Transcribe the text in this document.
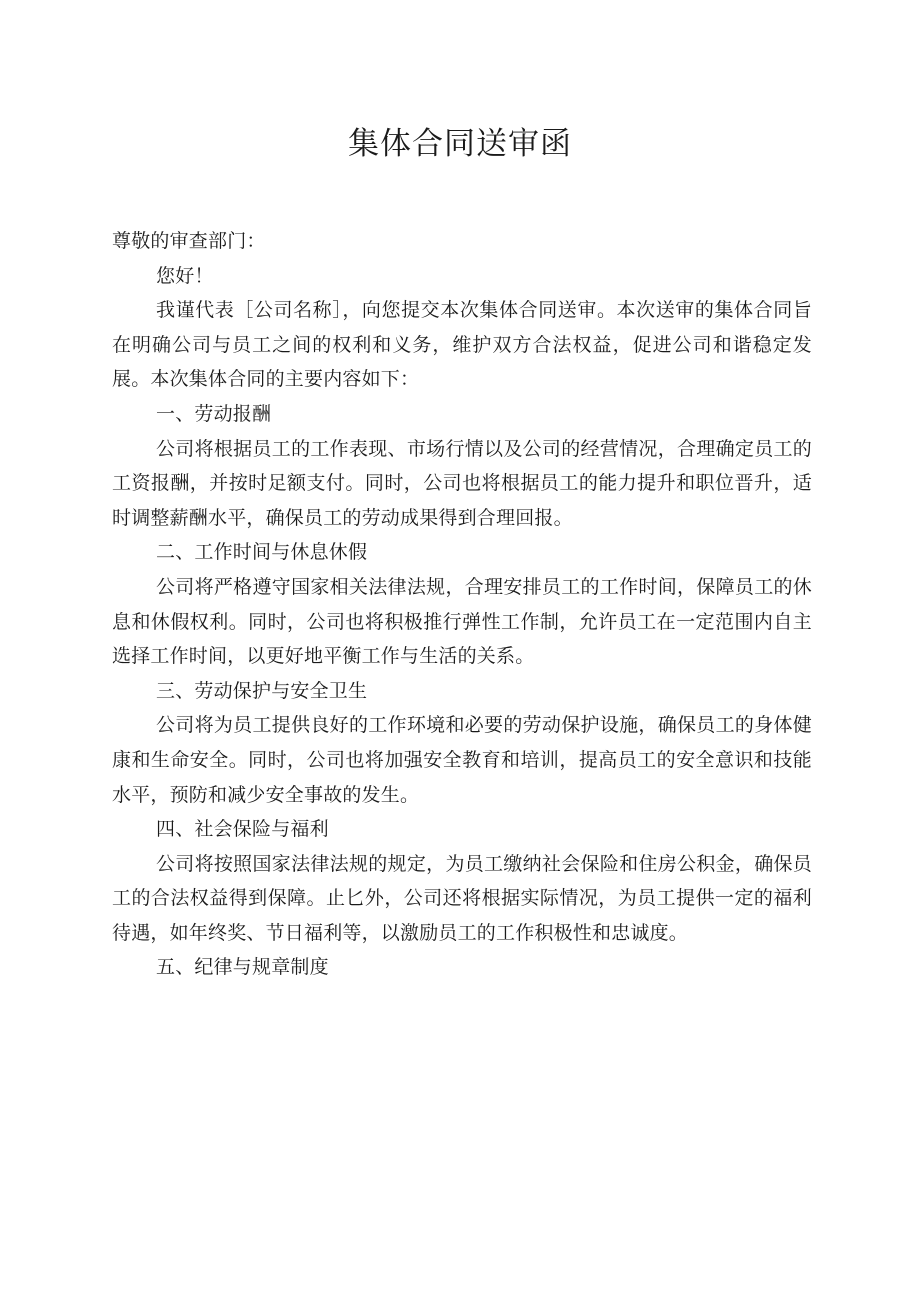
集体合同送审函

尊敬的审查部门：

您好！

我谨代表［公司名称］，向您提交本次集体合同送审。本次送审的集体合同旨在明确公司与员工之间的权利和义务，维护双方合法权益，促进公司和谐稳定发展。本次集体合同的主要内容如下：

一、劳动报酬

公司将根据员工的工作表现、市场行情以及公司的经营情况，合理确定员工的工资报酬，并按时足额支付。同时，公司也将根据员工的能力提升和职位晋升，适时调整薪酬水平，确保员工的劳动成果得到合理回报。

二、工作时间与休息休假

公司将严格遵守国家相关法律法规，合理安排员工的工作时间，保障员工的休息和休假权利。同时，公司也将积极推行弹性工作制，允许员工在一定范围内自主选择工作时间，以更好地平衡工作与生活的关系。

三、劳动保护与安全卫生

公司将为员工提供良好的工作环境和必要的劳动保护设施，确保员工的身体健康和生命安全。同时，公司也将加强安全教育和培训，提高员工的安全意识和技能水平，预防和减少安全事故的发生。

四、社会保险与福利

公司将按照国家法律法规的规定，为员工缴纳社会保险和住房公积金，确保员工的合法权益得到保障。止匕外，公司还将根据实际情况，为员工提供一定的福利待遇，如年终奖、节日福利等，以激励员工的工作积极性和忠诚度。

五、纪律与规章制度
